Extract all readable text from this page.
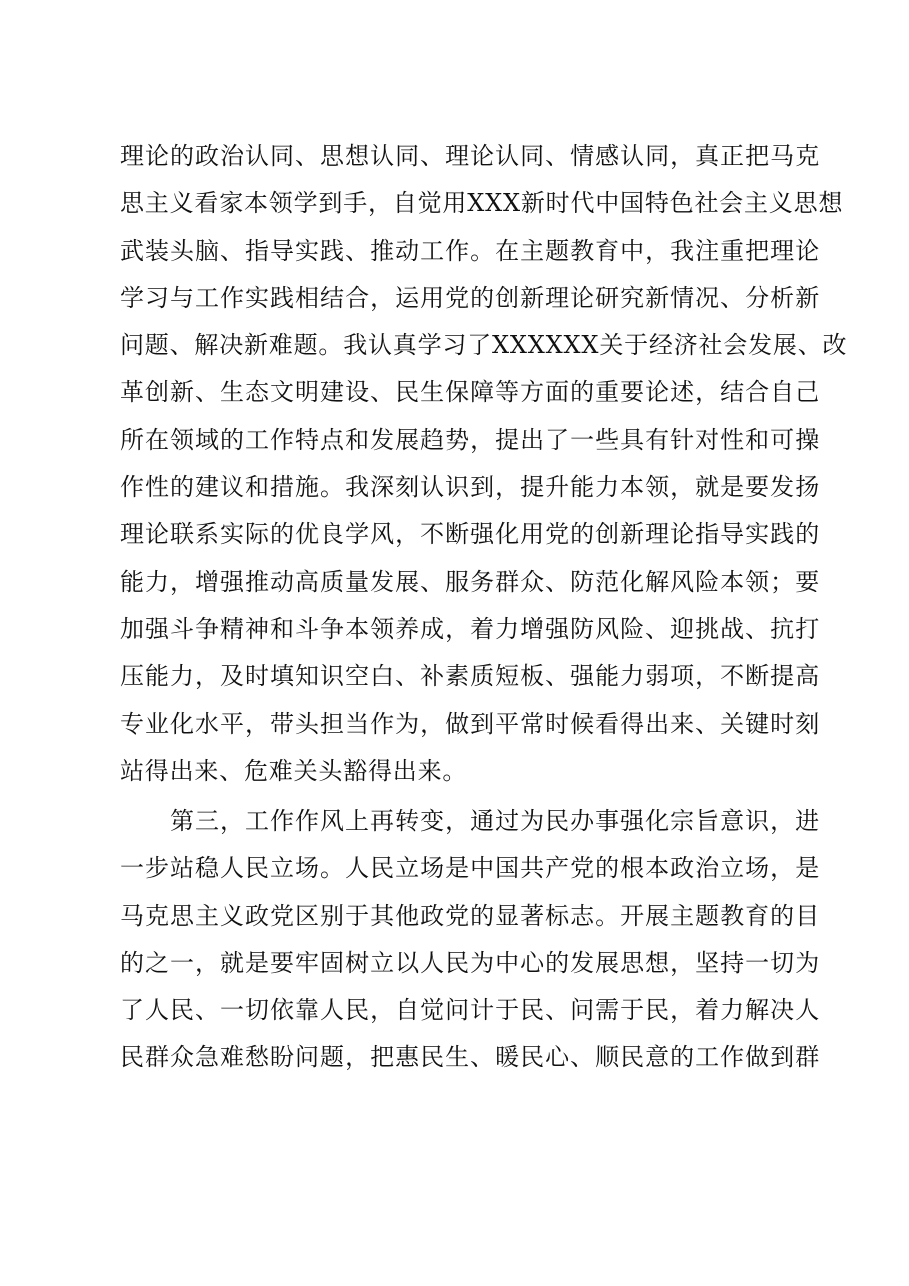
理论的政治认同、思想认同、理论认同、情感认同，真正把马克
思主义看家本领学到手，自觉用XXX新时代中国特色社会主义思想
武装头脑、指导实践、推动工作。在主题教育中，我注重把理论
学习与工作实践相结合，运用党的创新理论研究新情况、分析新
问题、解决新难题。我认真学习了XXXXXX关于经济社会发展、改
革创新、生态文明建设、民生保障等方面的重要论述，结合自己
所在领域的工作特点和发展趋势，提出了一些具有针对性和可操
作性的建议和措施。我深刻认识到，提升能力本领，就是要发扬
理论联系实际的优良学风，不断强化用党的创新理论指导实践的
能力，增强推动高质量发展、服务群众、防范化解风险本领；要
加强斗争精神和斗争本领养成，着力增强防风险、迎挑战、抗打
压能力，及时填知识空白、补素质短板、强能力弱项，不断提高
专业化水平，带头担当作为，做到平常时候看得出来、关键时刻
站得出来、危难关头豁得出来。
第三，工作作风上再转变，通过为民办事强化宗旨意识，进
一步站稳人民立场。人民立场是中国共产党的根本政治立场，是
马克思主义政党区别于其他政党的显著标志。开展主题教育的目
的之一，就是要牢固树立以人民为中心的发展思想，坚持一切为
了人民、一切依靠人民，自觉问计于民、问需于民，着力解决人
民群众急难愁盼问题，把惠民生、暖民心、顺民意的工作做到群
